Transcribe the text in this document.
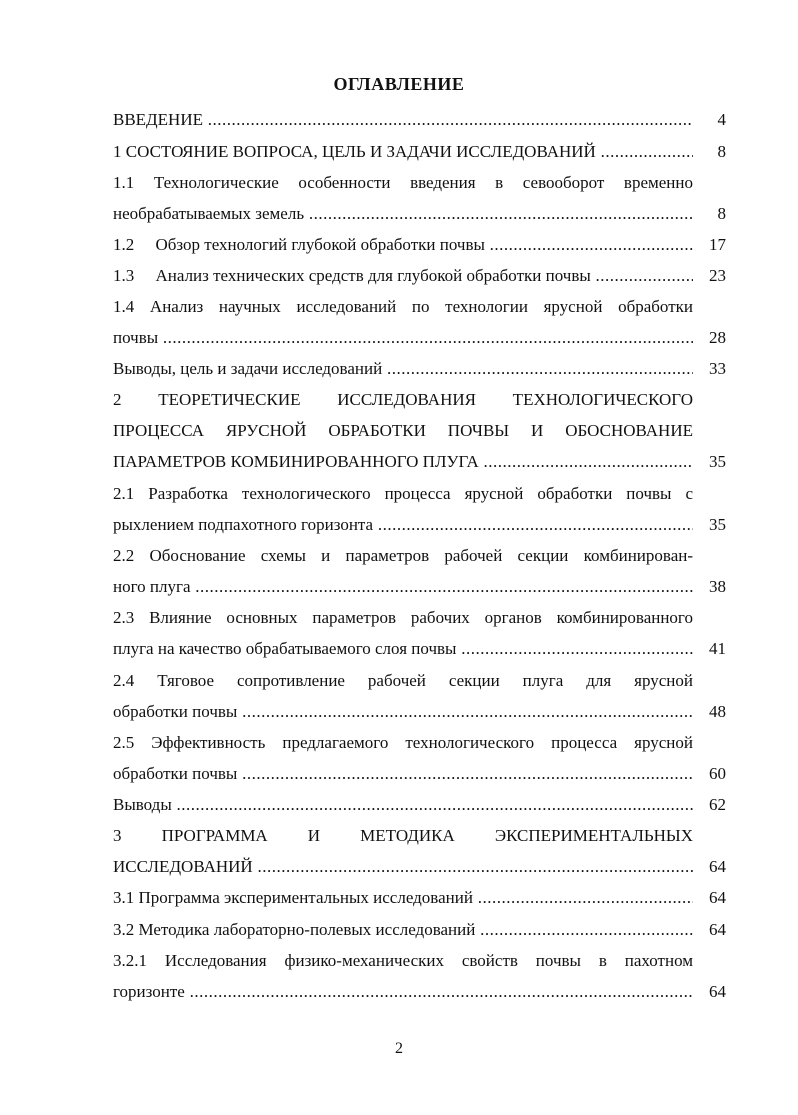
ОГЛАВЛЕНИЕ
ВВЕДЕНИЕ .....	4
1 СОСТОЯНИЕ ВОПРОСА, ЦЕЛЬ И ЗАДАЧИ ИССЛЕДОВАНИЙ .....	8
1.1 Технологические особенности введения в севооборот временно
необрабатываемых земель .....	8
1.2     Обзор технологий глубокой обработки почвы .....	17
1.3     Анализ технических средств для глубокой обработки почвы .....	23
1.4 Анализ научных исследований по технологии ярусной обработки
почвы .....	28
Выводы, цель и задачи исследований .....	33
2 ТЕОРЕТИЧЕСКИЕ ИССЛЕДОВАНИЯ ТЕХНОЛОГИЧЕСКОГО
ПРОЦЕССА ЯРУСНОЙ ОБРАБОТКИ ПОЧВЫ И ОБОСНОВАНИЕ
ПАРАМЕТРОВ КОМБИНИРОВАННОГО ПЛУГА .....	35
2.1 Разработка технологического процесса ярусной обработки почвы с
рыхлением подпахотного горизонта .....	35
2.2 Обоснование схемы и параметров рабочей секции комбинирован-
ного плуга .....	38
2.3 Влияние основных параметров рабочих органов комбинированного
плуга на качество обрабатываемого слоя почвы .....	41
2.4 Тяговое сопротивление рабочей секции плуга для ярусной
обработки почвы .....	48
2.5 Эффективность предлагаемого технологического процесса ярусной
обработки почвы .....	60
Выводы .....	62
3 ПРОГРАММА И МЕТОДИКА ЭКСПЕРИМЕНТАЛЬНЫХ
ИССЛЕДОВАНИЙ .....	64
3.1 Программа экспериментальных исследований .....	64
3.2 Методика лабораторно-полевых исследований .....	64
3.2.1 Исследования физико-механических свойств почвы в пахотном
горизонте .....	64
2
